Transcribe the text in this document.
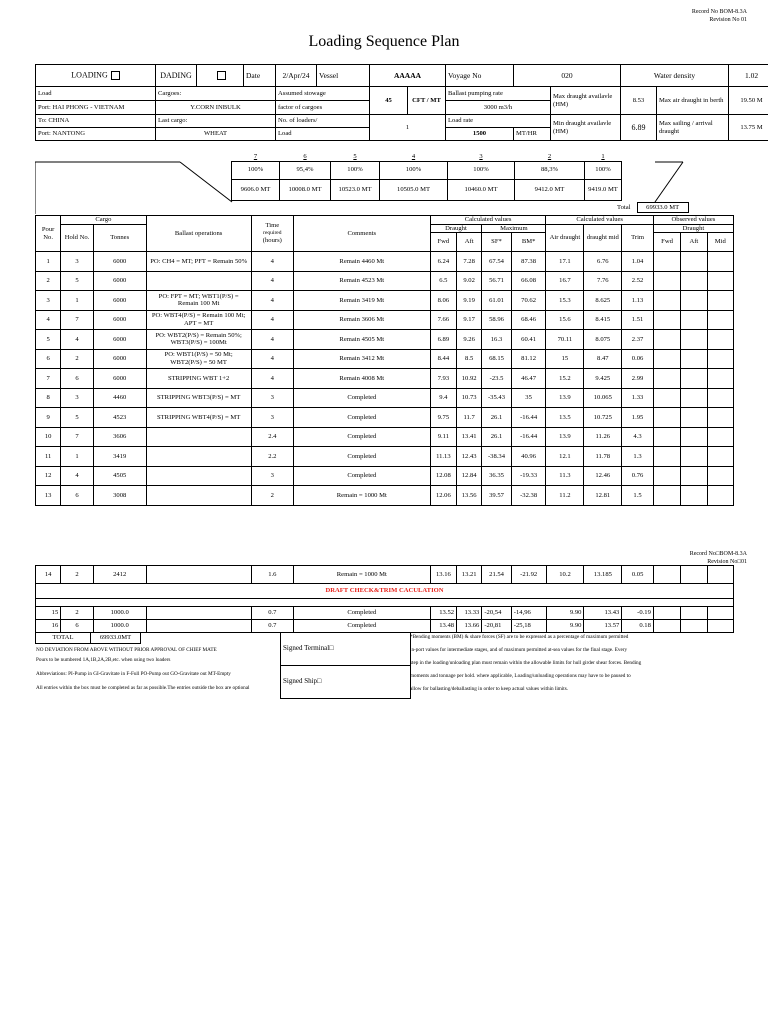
Record No BOM-8.3A
Revision No 01
Loading Sequence Plan
LOADING	DADING		Date	2/Apr/24	Vessel	AAAAA		Voyage No	020		Water density		1.02
Load	Cargoes:			Assumed stowage		45	CFT / MT	Ballast pumping rate		Max draught availavle (HM)	8.53	Max air draught in berth	19.50 M
Port: HAI PHONG - VIETNAM	Y.CORN INBULK			factor of cargoes				3000 m3/h					
To: CHINA	Last cargo:			No. of loaders/		1		Load rate		Min draught availavle (HM)	6.89	Max sailing / arrival draught	13.75 M
Port: NANTONG	WHEAT			Load				1500	MT/HR				
7	6	5	4	3	2	1
100%	95,4%	100%	100%	100%	88,3%	100%
9606.0 MT	10008.0 MT	10523.0 MT	10505.0 MT	10460.0 MT	9412.0 MT	9419.0 MT
Total 69933.0 MT
Pour No.	Cargo		Ballast operations	Time
required
(hours)	Comments	Calculated values				Calculated values			Observed values		
	Hold No.	Tonnes				Draught		Maximum		Air draught	draught mid	Trim	Draught		
						Fwd	Aft	SF*	BM*				Fwd	Aft	Mid
1	3	6000	PO: CH4 = MT; PFT = Remain 50%	4	Remain 4460 Mt	6.24	7.28	67.54	87.38	17.1	6.76	1.04			
2	5	6000		4	Remain 4523 Mt	6.5	9.02	56.71	66.08	16.7	7.76	2.52			
3	1	6000	PO: FPT = MT; WBT1(P/S) = Remain 100 Mt	4	Remain 3419 Mt	8.06	9.19	61.01	70.62	15.3	8.625	1.13			
4	7	6000	PO: WBT4(P/S) = Remain 100 Mt; APT = MT	4	Remain 3606 Mt	7.66	9.17	58.96	68.46	15.6	8.415	1.51			
5	4	6000	PO: WBT2(P/S) = Remain 50%; WBT3(P/S) = 100Mt	4	Remain 4505 Mt	6.89	9.26	16.3	60.41	70.11	8.075	2.37			
6	2	6000	PO: WBT1(P/S) = 50 Mt; WBT2(P/S) = 50 MT	4	Remain 3412 Mt	8.44	8.5	68.15	81.12	15	8.47	0.06			
7	6	6000	STRIPPING WBT 1+2	4	Remain 4008 Mt	7.93	10.92	-23.5	46.47	15.2	9.425	2.99			
8	3	4460	STRIPPING WBT3(P/S) = MT	3	Completed	9.4	10.73	-35.43	35	13.9	10.065	1.33			
9	5	4523	STRIPPING WBT4(P/S) = MT	3	Completed	9.75	11.7	26.1	-16.44	13.5	10.725	1.95			
10	7	3606		2.4	Completed	9.11	13.41	26.1	-16.44	13.9	11.26	4.3			
11	1	3419		2.2	Completed	11.13	12.43	-38.34	40.96	12.1	11.78	1.3			
12	4	4505		3	Completed	12.08	12.84	36.35	-19.33	11.3	12.46	0.76			
13	6	3008		2	Remain = 1000 Mt	12.06	13.56	39.57	-32.38	11.2	12.81	1.5			
Record No□BOM-8.3A
Revision No□01
14	2	2412		1.6	Remain = 1000 Mt	13.16	13.21	21.54	-21.92	10.2	13.185	0.05			
DRAFT CHECK&TRIM CACULATION															

15	2	1000.0		0.7	Completed	13.52	13.33	-20,54	-14,96	9.90	13.43	-0.19			
16	6	1000.0		0.7	Completed	13.48	13.66	-20,81	-25,18	9.90	13.57	0.18			
TOTAL	69933.0MT
Signed Terminal□
Signed Ship□
NO DEVIATION FROM ABOVE WITHOUT PRIOR APPROVAL OF CHIEF MATE
Pours to be numbered 1A,1B,2A,2B,etc. when using two loaders
Abbreviations: PI-Pump in GI-Gravitate in F-Full PO-Pump out GO-Gravitate out MT-Empty
All entries within the box must be completed as far as possible.The entries outside the box are optional
*Bending moments (BM) & share forces (SF) are to be expressed as a percentage of maximum permitted
in-port values for intermediate stages, and of maximum permitted at-sea values for the final stage. Every
step in the loading/unloading plan must remain within the allowable limits for hull girder shear forces. Bending
moments and tonnage per hold. where applicable, Loading/unloading operations may have to be paused to
allow for ballasting/deballasting in order to keep actual values within limits.
